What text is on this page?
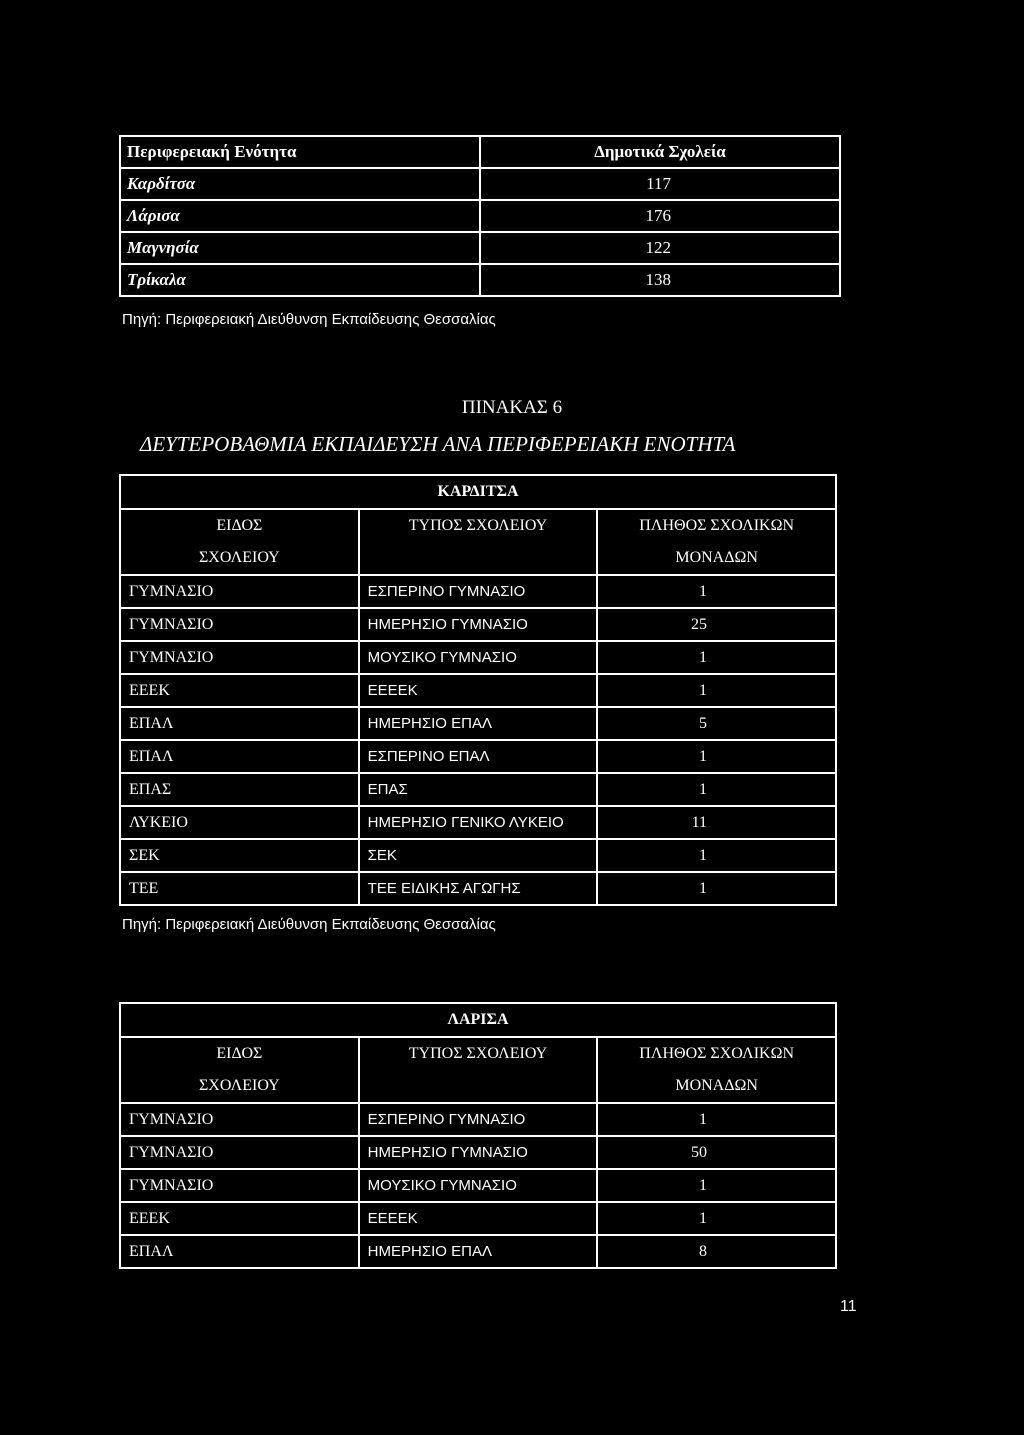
Περιφερειακή Ενότητα	Δημοτικά Σχολεία
Καρδίτσα	117
Λάρισα	176
Μαγνησία	122
Τρίκαλα	138
Πηγή: Περιφερειακή Διεύθυνση Εκπαίδευσης Θεσσαλίας
ΠΙΝΑΚΑΣ 6
ΔΕΥΤΕΡΟΒΑΘΜΙΑ ΕΚΠΑΙΔΕΥΣΗ ΑΝΑ ΠΕΡΙΦΕΡΕΙΑΚΗ ΕΝΟΤΗΤΑ
ΚΑΡΔΙΤΣΑ		
ΕΙΔΟΣ
ΣΧΟΛΕΙΟΥ	ΤΥΠΟΣ ΣΧΟΛΕΙΟΥ	ΠΛΗΘΟΣ ΣΧΟΛΙΚΩΝ
ΜΟΝΑΔΩΝ
ΓΥΜΝΑΣΙΟ	ΕΣΠΕΡΙΝΟ ΓΥΜΝΑΣΙΟ	1
ΓΥΜΝΑΣΙΟ	ΗΜΕΡΗΣΙΟ ΓΥΜΝΑΣΙΟ	25
ΓΥΜΝΑΣΙΟ	ΜΟΥΣΙΚΟ ΓΥΜΝΑΣΙΟ	1
ΕΕΕΚ	ΕΕΕΕΚ	1
ΕΠΑΛ	ΗΜΕΡΗΣΙΟ ΕΠΑΛ	5
ΕΠΑΛ	ΕΣΠΕΡΙΝΟ ΕΠΑΛ	1
ΕΠΑΣ	ΕΠΑΣ	1
ΛΥΚΕΙΟ	ΗΜΕΡΗΣΙΟ ΓΕΝΙΚΟ ΛΥΚΕΙΟ	11
ΣΕΚ	ΣΕΚ	1
ΤΕΕ	ΤΕΕ ΕΙΔΙΚΗΣ ΑΓΩΓΗΣ	1
Πηγή: Περιφερειακή Διεύθυνση Εκπαίδευσης Θεσσαλίας
ΛΑΡΙΣΑ		
ΕΙΔΟΣ
ΣΧΟΛΕΙΟΥ	ΤΥΠΟΣ ΣΧΟΛΕΙΟΥ	ΠΛΗΘΟΣ ΣΧΟΛΙΚΩΝ
ΜΟΝΑΔΩΝ
ΓΥΜΝΑΣΙΟ	ΕΣΠΕΡΙΝΟ ΓΥΜΝΑΣΙΟ	1
ΓΥΜΝΑΣΙΟ	ΗΜΕΡΗΣΙΟ ΓΥΜΝΑΣΙΟ	50
ΓΥΜΝΑΣΙΟ	ΜΟΥΣΙΚΟ ΓΥΜΝΑΣΙΟ	1
ΕΕΕΚ	ΕΕΕΕΚ	1
ΕΠΑΛ	ΗΜΕΡΗΣΙΟ ΕΠΑΛ	8
11
